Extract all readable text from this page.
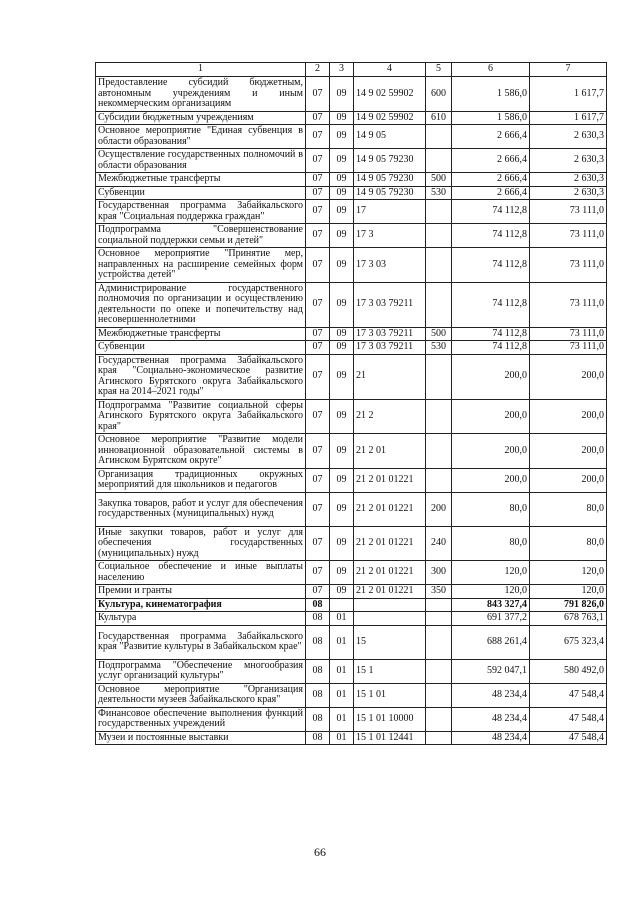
1	2	3	4	5	6	7
Предоставление субсидий бюджетным, автономным учреждениям и иным некоммерческим организациям	07	09	14 9 02 59902	600	1 586,0	1 617,7
Субсидии бюджетным учреждениям	07	09	14 9 02 59902	610	1 586,0	1 617,7
Основное мероприятие "Единая субвенция в области образования"	07	09	14 9 05		2 666,4	2 630,3
Осуществление государственных полномочий в области образования	07	09	14 9 05 79230		2 666,4	2 630,3
Межбюджетные трансферты	07	09	14 9 05 79230	500	2 666,4	2 630,3
Субвенции	07	09	14 9 05 79230	530	2 666,4	2 630,3
Государственная программа Забайкальского края "Социальная поддержка граждан"	07	09	17		74 112,8	73 111,0
Подпрограмма "Совершенствование социальной поддержки семьи и детей"	07	09	17 3		74 112,8	73 111,0
Основное мероприятие "Принятие мер, направленных на расширение семейных форм устройства детей"	07	09	17 3 03		74 112,8	73 111,0
Администрирование государственного полномочия по организации и осуществлению деятельности по опеке и попечительству над несовершеннолетними	07	09	17 3 03 79211		74 112,8	73 111,0
Межбюджетные трансферты	07	09	17 3 03 79211	500	74 112,8	73 111,0
Субвенции	07	09	17 3 03 79211	530	74 112,8	73 111,0
Государственная программа Забайкальского края "Социально-экономическое развитие Агинского Бурятского округа Забайкальского края на 2014–2021 годы"	07	09	21		200,0	200,0
Подпрограмма "Развитие социальной сферы Агинского Бурятского округа Забайкальского края"	07	09	21 2		200,0	200,0
Основное мероприятие "Развитие модели инновационной образовательной системы в Агинском Бурятском округе"	07	09	21 2 01		200,0	200,0
Организация традиционных окружных мероприятий для школьников и педагогов	07	09	21 2 01 01221		200,0	200,0
Закупка товаров, работ и услуг для обеспечения государственных (муниципальных) нужд	07	09	21 2 01 01221	200	80,0	80,0
Иные закупки товаров, работ и услуг для обеспечения государственных (муниципальных) нужд	07	09	21 2 01 01221	240	80,0	80,0
Социальное обеспечение и иные выплаты населению	07	09	21 2 01 01221	300	120,0	120,0
Премии и гранты	07	09	21 2 01 01221	350	120,0	120,0
Культура, кинематография	08				843 327,4	791 826,0
Культура	08	01			691 377,2	678 763,1
Государственная программа Забайкальского края "Развитие культуры в Забайкальском крае"	08	01	15		688 261,4	675 323,4
Подпрограмма "Обеспечение многообразия услуг организаций культуры"	08	01	15 1		592 047,1	580 492,0
Основное мероприятие "Организация деятельности музеев Забайкальского края"	08	01	15 1 01		48 234,4	47 548,4
Финансовое обеспечение выполнения функций государственных учреждений	08	01	15 1 01 10000		48 234,4	47 548,4
Музеи и постоянные выставки	08	01	15 1 01 12441		48 234,4	47 548,4
66
